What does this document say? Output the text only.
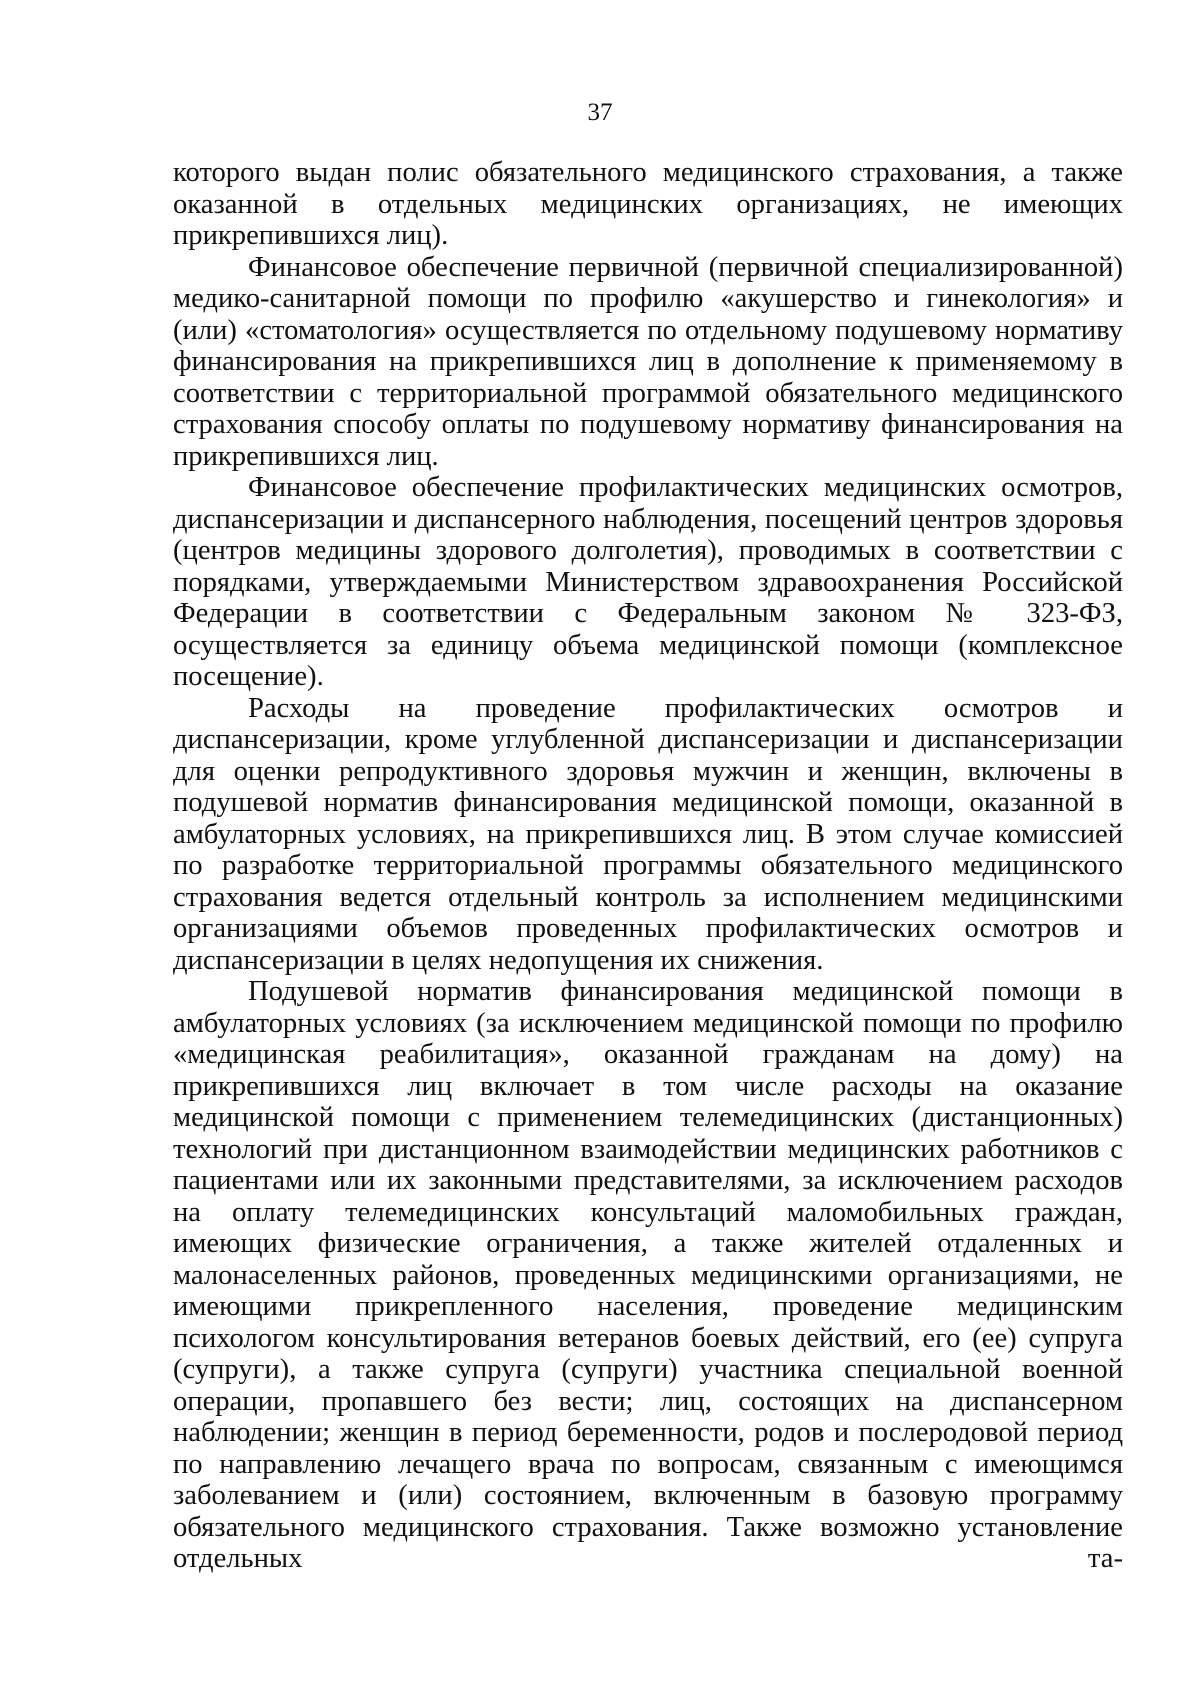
37

которого выдан полис обязательного медицинского страхования, а также оказанной в отдельных медицинских организациях, не имеющих прикрепившихся лиц).

Финансовое обеспечение первичной (первичной специализированной) медико-санитарной помощи по профилю «акушерство и гинекология» и (или) «стоматология» осуществляется по отдельному подушевому нормативу финансирования на прикрепившихся лиц в дополнение к применяемому в соответствии с территориальной программой обязательного медицинского страхования способу оплаты по подушевому нормативу финансирования на прикрепившихся лиц.

Финансовое обеспечение профилактических медицинских осмотров, диспансеризации и диспансерного наблюдения, посещений центров здоровья (центров медицины здорового долголетия), проводимых в соответствии с порядками, утверждаемыми Министерством здравоохранения Российской Федерации в соответствии с Федеральным законом № 323-ФЗ, осуществляется за единицу объема медицинской помощи (комплексное посещение).

Расходы на проведение профилактических осмотров и диспансеризации, кроме углубленной диспансеризации и диспансеризации для оценки репродуктивного здоровья мужчин и женщин, включены в подушевой норматив финансирования медицинской помощи, оказанной в амбулаторных условиях, на прикрепившихся лиц. В этом случае комиссией по разработке территориальной программы обязательного медицинского страхования ведется отдельный контроль за исполнением медицинскими организациями объемов проведенных профилактических осмотров и диспансеризации в целях недопущения их снижения.

Подушевой норматив финансирования медицинской помощи в амбулаторных условиях (за исключением медицинской помощи по профилю «медицинская реабилитация», оказанной гражданам на дому) на прикрепившихся лиц включает в том числе расходы на оказание медицинской помощи с применением телемедицинских (дистанционных) технологий при дистанционном взаимодействии медицинских работников с пациентами или их законными представителями, за исключением расходов на оплату телемедицинских консультаций маломобильных граждан, имеющих физические ограничения, а также жителей отдаленных и малонаселенных районов, проведенных медицинскими организациями, не имеющими прикрепленного населения, проведение медицинским психологом консультирования ветеранов боевых действий, его (ее) супруга (супруги), а также супруга (супруги) участника специальной военной операции, пропавшего без вести; лиц, состоящих на диспансерном наблюдении; женщин в период беременности, родов и послеродовой период по направлению лечащего врача по вопросам, связанным с имеющимся заболеванием и (или) состоянием, включенным в базовую программу обязательного медицинского страхования. Также возможно установление отдельных та-
